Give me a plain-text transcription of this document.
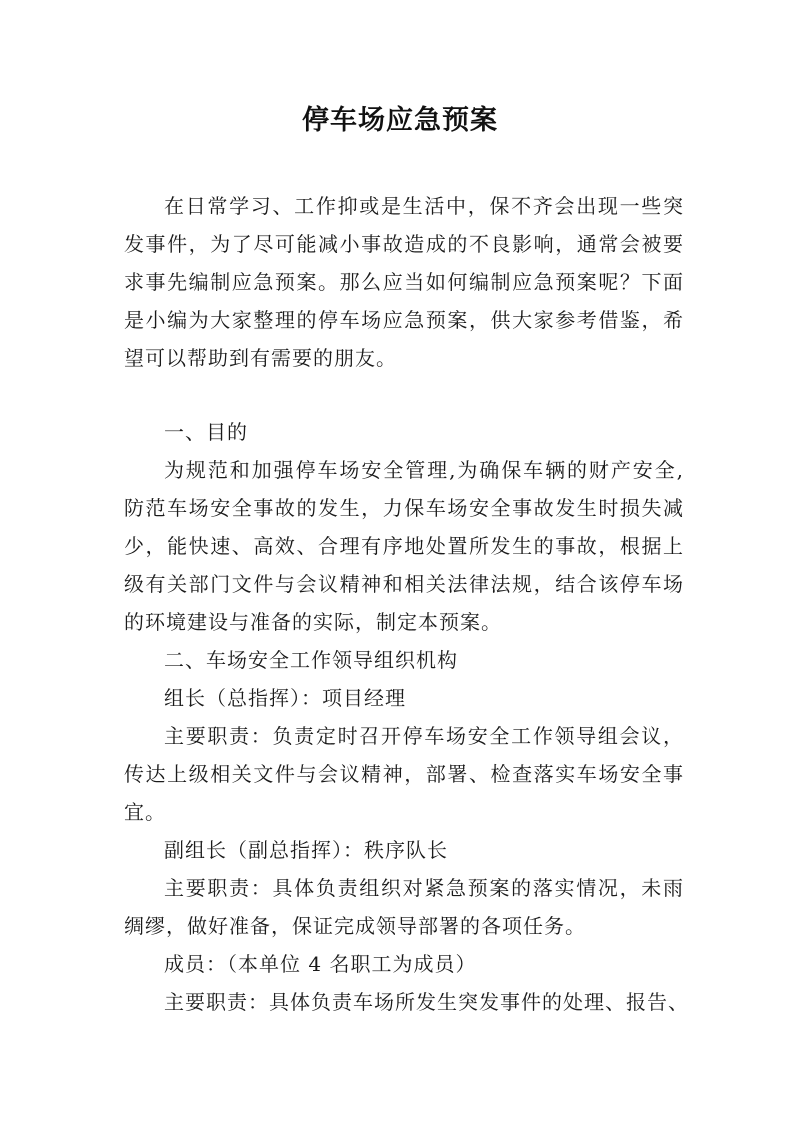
停车场应急预案
在日常学习、工作抑或是生活中，保不齐会出现一些突
发事件，为了尽可能减小事故造成的不良影响，通常会被要
求事先编制应急预案。那么应当如何编制应急预案呢？下面
是小编为大家整理的停车场应急预案，供大家参考借鉴，希
望可以帮助到有需要的朋友。
一、目的
为规范和加强停车场安全管理,为确保车辆的财产安全,
防范车场安全事故的发生，力保车场安全事故发生时损失减
少，能快速、高效、合理有序地处置所发生的事故，根据上
级有关部门文件与会议精神和相关法律法规，结合该停车场
的环境建设与准备的实际，制定本预案。
二、车场安全工作领导组织机构
组长（总指挥）：项目经理
主要职责：负责定时召开停车场安全工作领导组会议，
传达上级相关文件与会议精神，部署、检查落实车场安全事
宜。
副组长（副总指挥）：秩序队长
主要职责：具体负责组织对紧急预案的落实情况，未雨
绸缪，做好准备，保证完成领导部署的各项任务。
成员：（本单位 4 名职工为成员）
主要职责：具体负责车场所发生突发事件的处理、报告、
